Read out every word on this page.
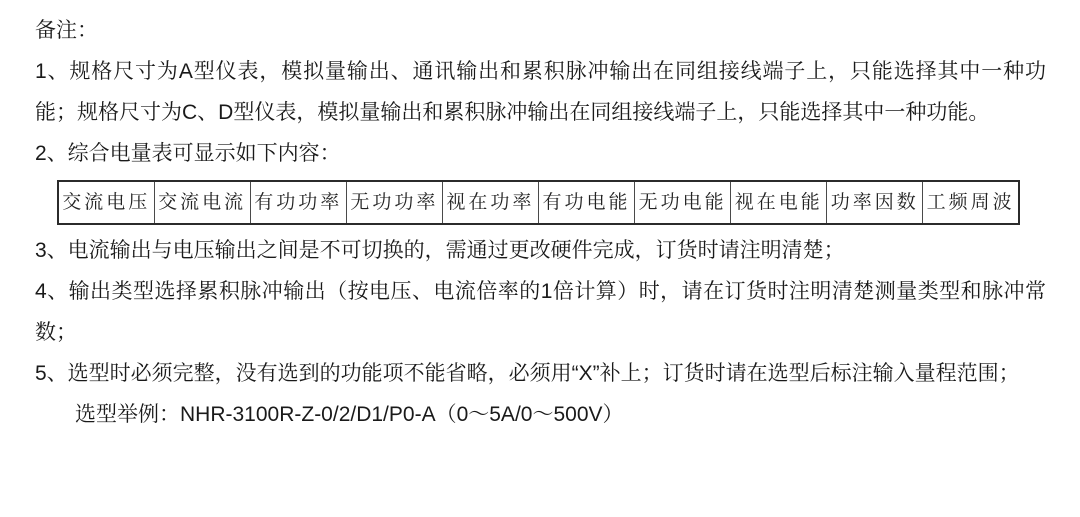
备注：

1、规格尺寸为A型仪表，模拟量输出、通讯输出和累积脉冲输出在同组接线端子上，只能选择其中一种功能；规格尺寸为C、D型仪表，模拟量输出和累积脉冲输出在同组接线端子上，只能选择其中一种功能。

2、综合电量表可显示如下内容：

交流电压	交流电流	有功功率	无功功率	视在功率	有功电能	无功电能	视在电能	功率因数	工频周波

3、电流输出与电压输出之间是不可切换的，需通过更改硬件完成，订货时请注明清楚；

4、输出类型选择累积脉冲输出（按电压、电流倍率的1倍计算）时，请在订货时注明清楚测量类型和脉冲常数；

5、选型时必须完整，没有选到的功能项不能省略，必须用“X”补上；订货时请在选型后标注输入量程范围；

选型举例：NHR-3100R-Z-0/2/D1/P0-A（0～5A/0～500V）
